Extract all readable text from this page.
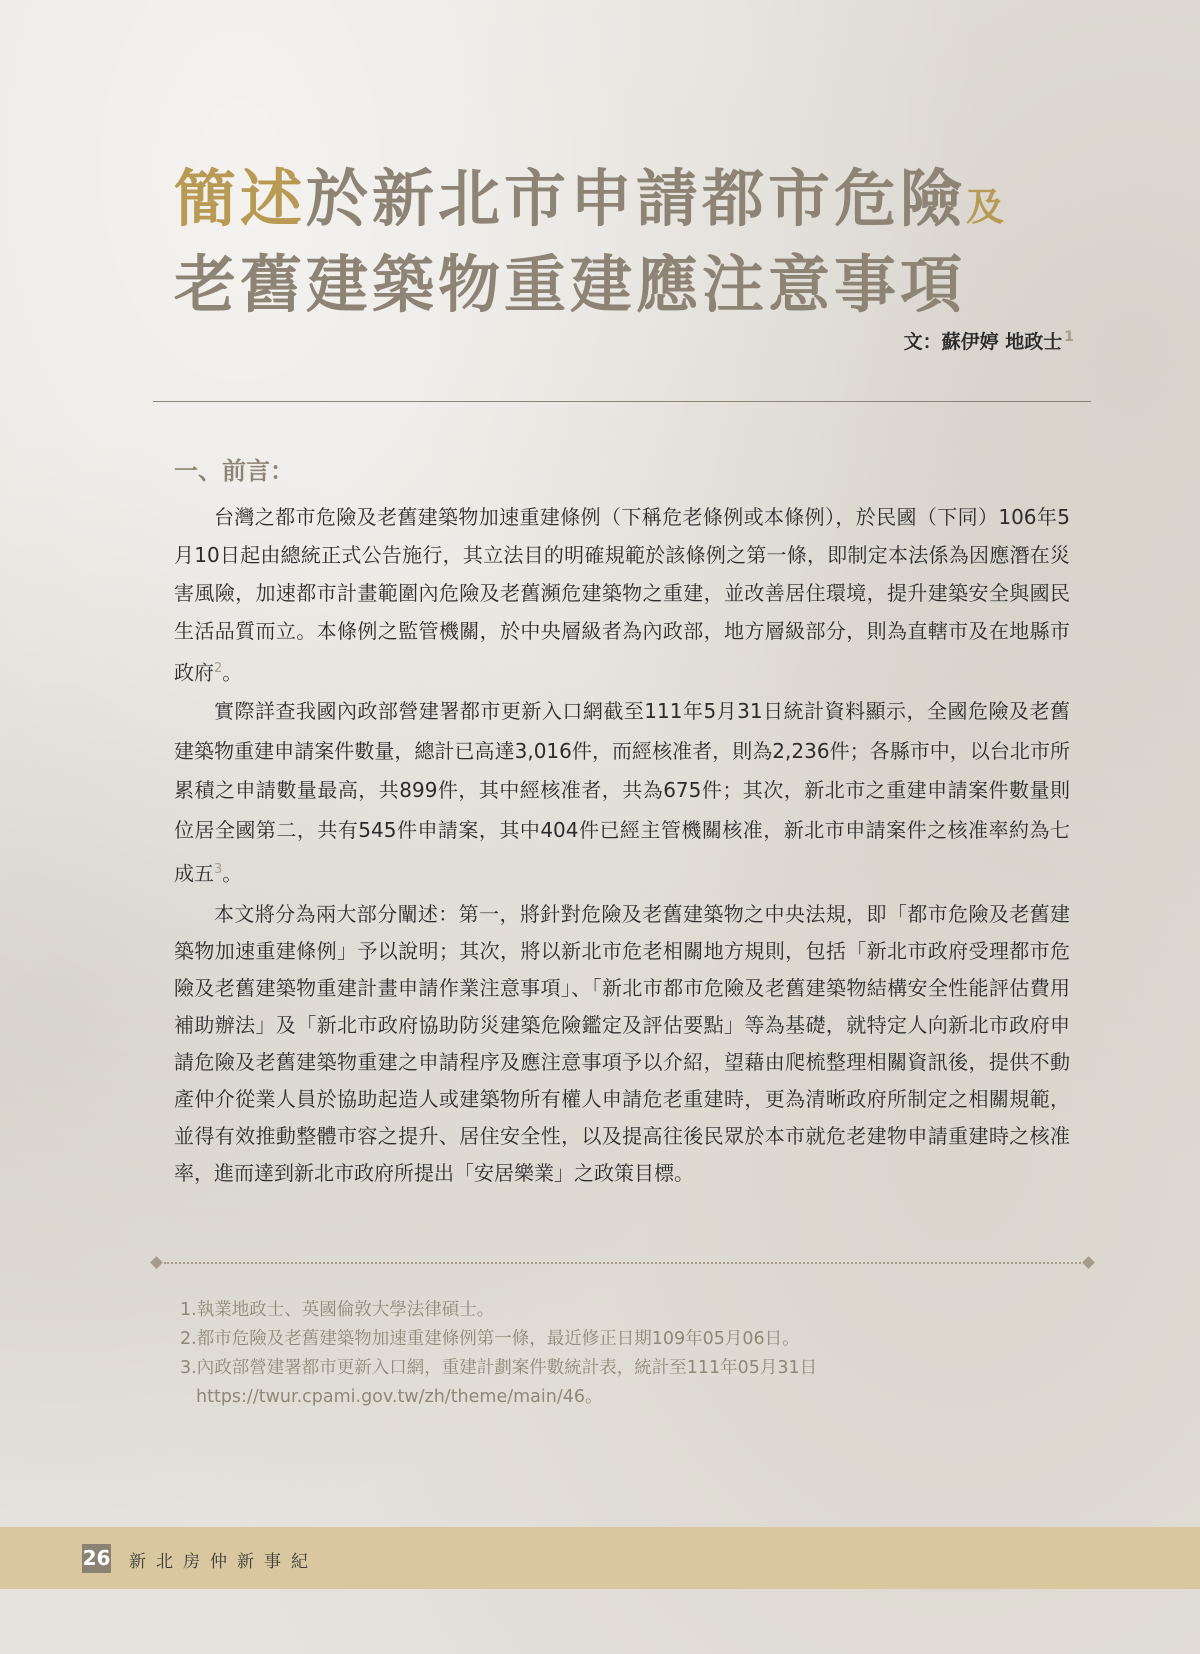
簡述於新北市申請都市危險及
老舊建築物重建應注意事項
文：蘇伊婷 地政士 $^1$
一、前言：

台灣之都市危險及老舊建築物加速重建條例（下稱危老條例或本條例），於民國（下同）106年5月10日起由總統正式公告施行，其立法目的明確規範於該條例之第一條，即制定本法係為因應潛在災害風險，加速都市計畫範圍內危險及老舊瀕危建築物之重建，並改善居住環境，提升建築安全與國民生活品質而立。本條例之監管機關，於中央層級者為內政部，地方層級部分，則為直轄市及在地縣市政府$^2$。

實際詳查我國內政部營建署都市更新入口網截至111年5月31日統計資料顯示，全國危險及老舊建築物重建申請案件數量，總計已高達3,016件，而經核准者，則為2,236件；各縣市中，以台北市所累積之申請數量最高，共899件，其中經核准者，共為675件；其次，新北市之重建申請案件數量則位居全國第二，共有545件申請案，其中404件已經主管機關核准，新北市申請案件之核准率約為七成五$^3$。

本文將分為兩大部分闡述：第一，將針對危險及老舊建築物之中央法規，即「都市危險及老舊建築物加速重建條例」予以說明；其次，將以新北市危老相關地方規則，包括「新北市政府受理都市危險及老舊建築物重建計畫申請作業注意事項」、「新北市都市危險及老舊建築物結構安全性能評估費用補助辦法」及「新北市政府協助防災建築危險鑑定及評估要點」等為基礎，就特定人向新北市政府申請危險及老舊建築物重建之申請程序及應注意事項予以介紹，望藉由爬梳整理相關資訊後，提供不動產仲介從業人員於協助起造人或建築物所有權人申請危老重建時，更為清晰政府所制定之相關規範，並得有效推動整體市容之提升、居住安全性，以及提高往後民眾於本市就危老建物申請重建時之核准率，進而達到新北市政府所提出「安居樂業」之政策目標。

1.執業地政士、英國倫敦大學法律碩士。
2.都市危險及老舊建築物加速重建條例第一條，最近修正日期109年05月06日。
3.內政部營建署都市更新入口網，重建計劃案件數統計表，統計至111年05月31日
https://twur.cpami.gov.tw/zh/theme/main/46。
26 新北房仲新事紀
